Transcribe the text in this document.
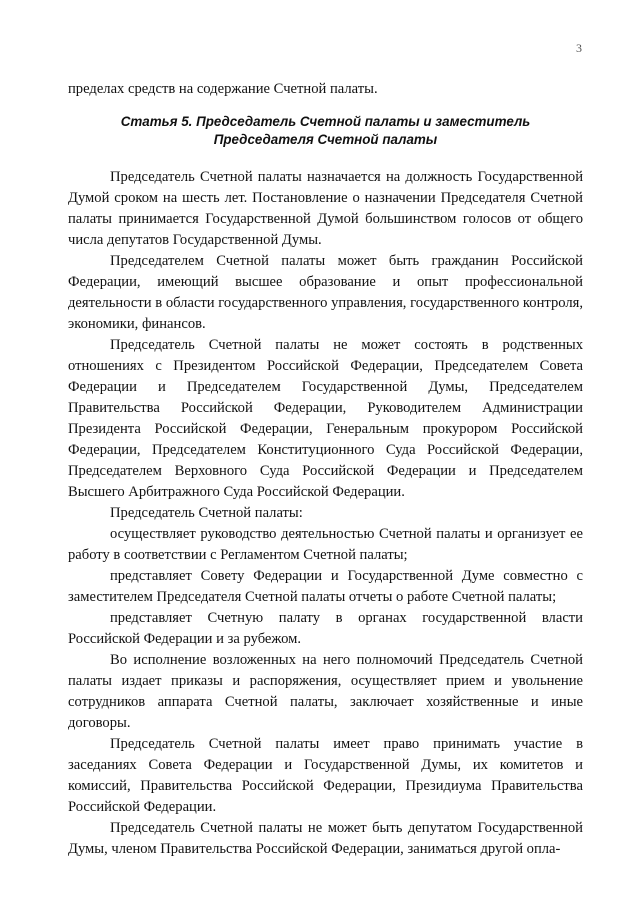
3

пределах средств на содержание Счетной палаты.

Статья 5. Председатель Счетной палаты и заместитель
Председателя Счетной палаты

Председатель Счетной палаты назначается на должность Государственной Думой сроком на шесть лет. Постановление о назначении Председателя Счетной палаты принимается Государственной Думой большинством голосов от общего числа депутатов Государственной Думы.

Председателем Счетной палаты может быть гражданин Российской Федерации, имеющий высшее образование и опыт профессиональной деятельности в области государственного управления, государственного контроля, экономики, финансов.

Председатель Счетной палаты не может состоять в родственных отношениях с Президентом Российской Федерации, Председателем Совета Федерации и Председателем Государственной Думы, Председателем Правительства Российской Федерации, Руководителем Администрации Президента Российской Федерации, Генеральным прокурором Российской Федерации, Председателем Конституционного Суда Российской Федерации, Председателем Верховного Суда Российской Федерации и Председателем Высшего Арбитражного Суда Российской Федерации.

Председатель Счетной палаты:

осуществляет руководство деятельностью Счетной палаты и организует ее работу в соответствии с Регламентом Счетной палаты;

представляет Совету Федерации и Государственной Думе совместно с заместителем Председателя Счетной палаты отчеты о работе Счетной палаты;

представляет Счетную палату в органах государственной власти Российской Федерации и за рубежом.

Во исполнение возложенных на него полномочий Председатель Счетной палаты издает приказы и распоряжения, осуществляет прием и увольнение сотрудников аппарата Счетной палаты, заключает хозяйственные и иные договоры.

Председатель Счетной палаты имеет право принимать участие в заседаниях Совета Федерации и Государственной Думы, их комитетов и комиссий, Правительства Российской Федерации, Президиума Правительства Российской Федерации.

Председатель Счетной палаты не может быть депутатом Государственной Думы, членом Правительства Российской Федерации, заниматься другой опла-
